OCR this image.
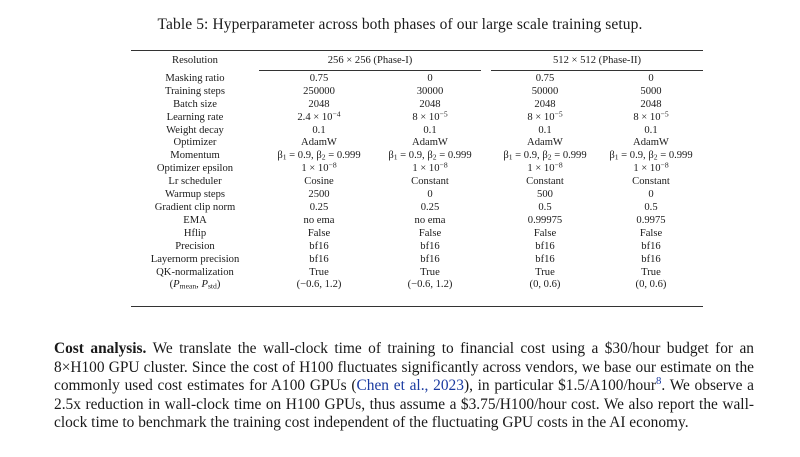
Table 5: Hyperparameter across both phases of our large scale training setup.
Resolution	256 × 256 (Phase-I)			512 × 512 (Phase-II)	
Masking ratio	0.75	0		0.75	0
Training steps	250000	30000		50000	5000
Batch size	2048	2048		2048	2048
Learning rate	$2.4 \times 10^{-4}$	$8 \times 10^{-5}$		$8 \times 10^{-5}$	$8 \times 10^{-5}$
Weight decay	0.1	0.1		0.1	0.1
Optimizer	AdamW	AdamW		AdamW	AdamW
Momentum	$\beta_1 = 0.9$, $\beta_2 = 0.999$	$\beta_1 = 0.9$, $\beta_2 = 0.999$		$\beta_1 = 0.9$, $\beta_2 = 0.999$	$\beta_1 = 0.9$, $\beta_2 = 0.999$
Optimizer epsilon	$1 \times 10^{-8}$	$1 \times 10^{-8}$		$1 \times 10^{-8}$	$1 \times 10^{-8}$
Lr scheduler	Cosine	Constant		Constant	Constant
Warmup steps	2500	0		500	0
Gradient clip norm	0.25	0.25		0.5	0.5
EMA	no ema	no ema		0.99975	0.9975
Hflip	False	False		False	False
Precision	bf16	bf16		bf16	bf16
Layernorm precision	bf16	bf16		bf16	bf16
QK-normalization	True	True		True	True
($P_{mean}$, $P_{std}$)	(−0.6, 1.2)	(−0.6, 1.2)		(0, 0.6)	(0, 0.6)
Cost analysis. We translate the wall-clock time of training to financial cost using a $30/hour budget for an 8×H100 GPU cluster. Since the cost of H100 fluctuates significantly across vendors, we base our estimate on the commonly used cost estimates for A100 GPUs (Chen et al., 2023), in particular $1.5/A100/hour$^8$. We observe a 2.5x reduction in wall-clock time on H100 GPUs, thus assume a $3.75/H100/hour cost. We also report the wall-clock time to benchmark the training cost independent of the fluctuating GPU costs in the AI economy.
